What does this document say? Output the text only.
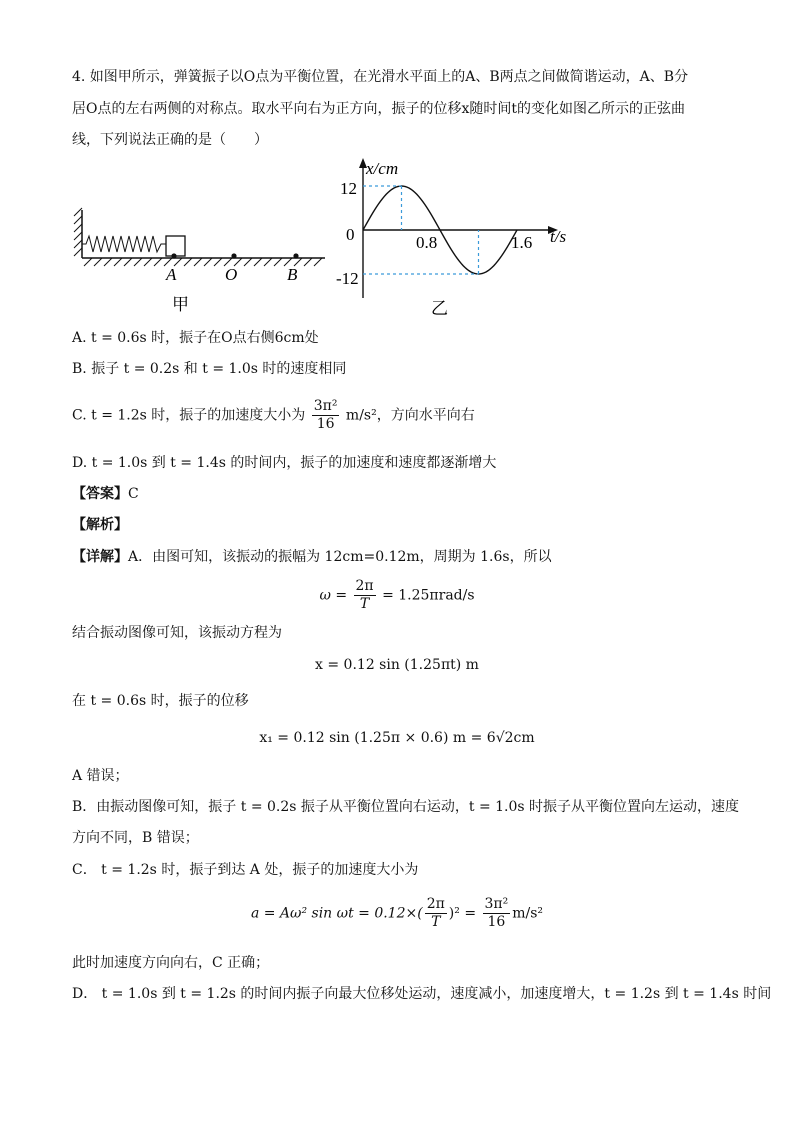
4. 如图甲所示，弹簧振子以O点为平衡位置，在光滑水平面上的A、B两点之间做简谐运动，A、B分
居O点的左右两侧的对称点。取水平向右为正方向，振子的位移x随时间t的变化如图乙所示的正弦曲
线，下列说法正确的是（　　）
A	O	B
甲
x/cm
t/s
12
-12
0	0.8	1.6
乙
A. t = 0.6s 时，振子在O点右侧6cm处
B. 振子 t = 0.2s 和 t = 1.0s 时的速度相同
C. t = 1.2s 时，振子的加速度大小为 $\frac{\text{3π²}}{16} m/s^2$，方向水平向右
D. t = 1.0s 到 t = 1.4s 的时间内，振子的加速度和速度都逐渐增大
【答案】C
【解析】
【详解】A．由图可知，该振动的振幅为 12cm=0.12m，周期为 1.6s，所以
$\omega = \frac{2\pi}{T} = 1.25\pi rad/s$
结合振动图像可知，该振动方程为
x = 0.12 sin (1.25πt) m
在 t = 0.6s 时，振子的位移
x₁ = 0.12 sin (1.25π × 0.6) m = 6√2cm
A 错误；
B．由振动图像可知，振子 t = 0.2s 振子从平衡位置向右运动，t = 1.0s 时振子从平衡位置向左运动，速度
方向不同，B 错误；
C． t = 1.2s 时，振子到达 A 处，振子的加速度大小为
a = Aω² $\sin \omega t = 0.12\times( \frac{2\pi}{T} )^2 = \frac{\text{3π²}}{16} m/s^2$
此时加速度方向向右，C 正确；
D． t = 1.0s 到 t = 1.2s 的时间内振子向最大位移处运动，速度减小，加速度增大，t = 1.2s 到 t = 1.4s 时间
